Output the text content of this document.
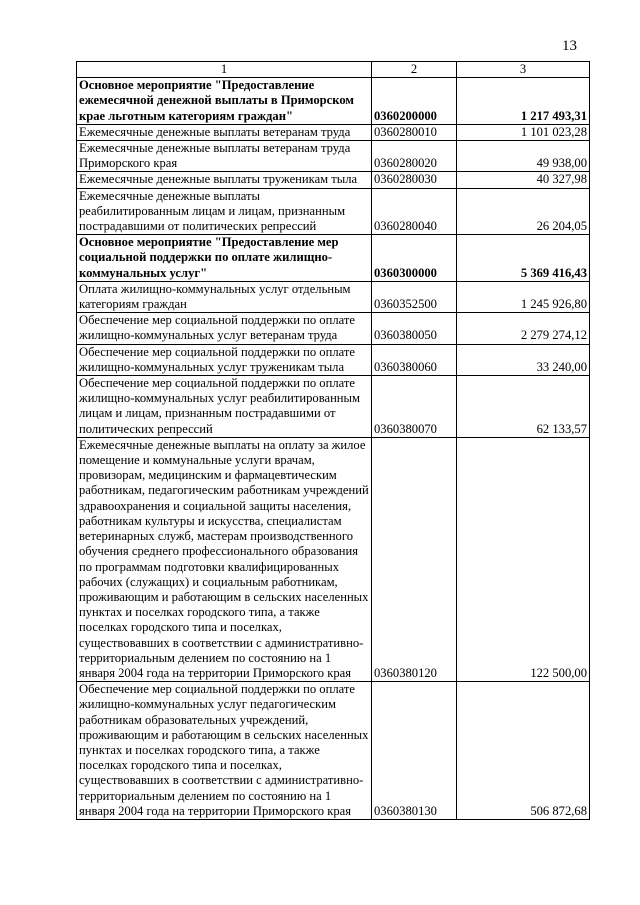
13
1	2	3
Основное мероприятие "Предоставление ежемесячной денежной выплаты в Приморском крае льготным категориям граждан"	0360200000	1 217 493,31
Ежемесячные денежные выплаты ветеранам труда	0360280010	1 101 023,28
Ежемесячные денежные выплаты ветеранам труда Приморского края	0360280020	49 938,00
Ежемесячные денежные выплаты труженикам тыла	0360280030	40 327,98
Ежемесячные денежные выплаты реабилитированным лицам и лицам, признанным пострадавшими от политических репрессий	0360280040	26 204,05
Основное мероприятие "Предоставление мер социальной поддержки по оплате жилищно-коммунальных услуг"	0360300000	5 369 416,43
Оплата жилищно-коммунальных услуг отдельным категориям граждан	0360352500	1 245 926,80
Обеспечение мер социальной поддержки по оплате жилищно-коммунальных услуг ветеранам труда	0360380050	2 279 274,12
Обеспечение мер социальной поддержки по оплате жилищно-коммунальных услуг труженикам тыла	0360380060	33 240,00
Обеспечение мер социальной поддержки по оплате жилищно-коммунальных услуг реабилитированным лицам и лицам, признанным пострадавшими от политических репрессий	0360380070	62 133,57
Ежемесячные денежные выплаты на оплату за жилое помещение и коммунальные услуги врачам, провизорам, медицинским и фармацевтическим работникам, педагогическим работникам учреждений здравоохранения и социальной защиты населения, работникам культуры и искусства, специалистам ветеринарных служб, мастерам производственного обучения среднего профессионального образования по программам подготовки квалифицированных рабочих (служащих) и социальным работникам, проживающим и работающим в сельских населенных пунктах и поселках городского типа, а также поселках городского типа и поселках, существовавших в соответствии с административно-территориальным делением по состоянию на 1 января 2004 года на территории Приморского края	0360380120	122 500,00
Обеспечение мер социальной поддержки по оплате жилищно-коммунальных услуг педагогическим работникам образовательных учреждений, проживающим и работающим в сельских населенных пунктах и поселках городского типа, а также поселках городского типа и поселках, существовавших в соответствии с административно-территориальным делением по состоянию на 1 января 2004 года на территории Приморского края	0360380130	506 872,68
